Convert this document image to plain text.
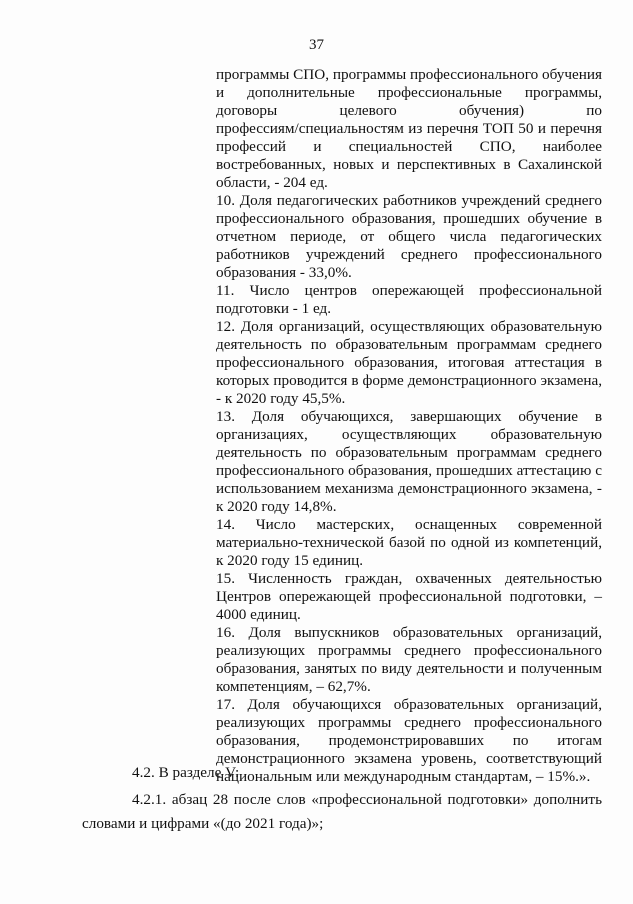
37
программы СПО, программы профессионального обучения
и дополнительные профессиональные программы,
договоры целевого обучения) по
профессиям/специальностям из перечня ТОП 50 и перечня
профессий и специальностей СПО, наиболее
востребованных, новых и перспективных в Сахалинской
области, - 204 ед.
10. Доля педагогических работников учреждений среднего
профессионального образования, прошедших обучение в
отчетном периоде, от общего числа педагогических
работников учреждений среднего профессионального
образования - 33,0%.
11. Число центров опережающей профессиональной
подготовки - 1 ед.
12. Доля организаций, осуществляющих образовательную
деятельность по образовательным программам среднего
профессионального образования, итоговая аттестация в
которых проводится в форме демонстрационного экзамена,
- к 2020 году 45,5%.
13. Доля обучающихся, завершающих обучение в
организациях, осуществляющих образовательную
деятельность по образовательным программам среднего
профессионального образования, прошедших аттестацию с
использованием механизма демонстрационного экзамена, -
к 2020 году 14,8%.
14. Число мастерских, оснащенных современной
материально-технической базой по одной из компетенций,
к 2020 году 15 единиц.
15. Численность граждан, охваченных деятельностью
Центров опережающей профессиональной подготовки, –
4000 единиц.
16. Доля выпускников образовательных организаций,
реализующих программы среднего профессионального
образования, занятых по виду деятельности и полученным
компетенциям, – 62,7%.
17. Доля обучающихся образовательных организаций,
реализующих программы среднего профессионального
образования, продемонстрировавших по итогам
демонстрационного экзамена уровень, соответствующий
национальным или международным стандартам, – 15%.».
4.2. В разделе V:
4.2.1. абзац 28 после слов «профессиональной подготовки» дополнить
словами и цифрами «(до 2021 года)»;
